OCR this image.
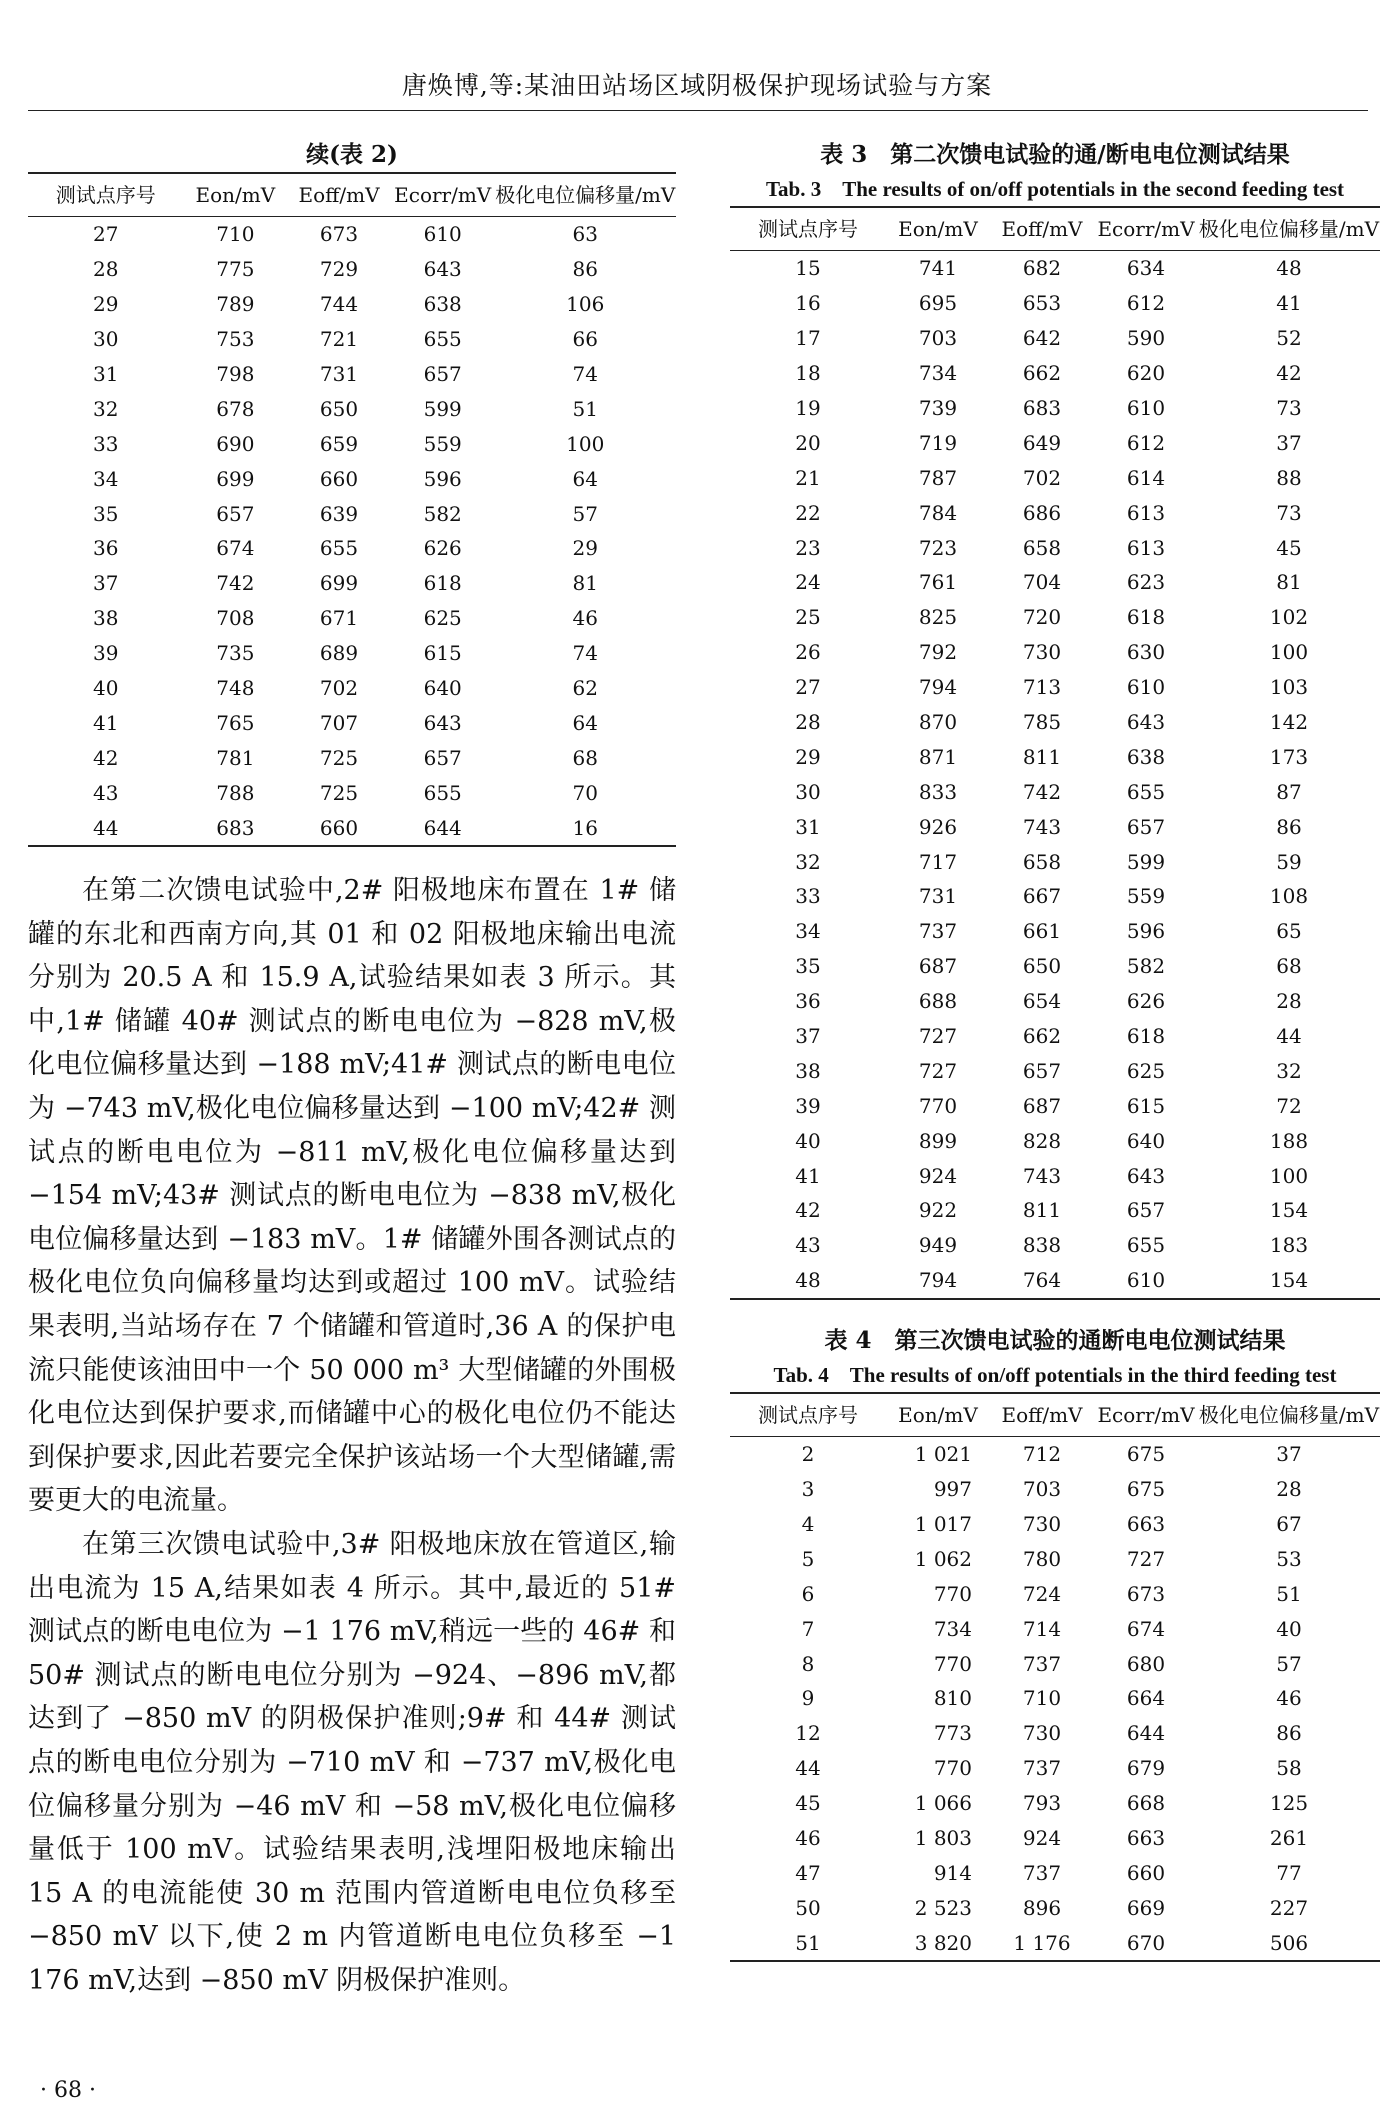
唐焕博,等:某油田站场区域阴极保护现场试验与方案
续(表 2)
测试点序号	Eon/mV	Eoff/mV	Ecorr/mV	极化电位偏移量/mV
27	710	673	610	63
28	775	729	643	86
29	789	744	638	106
30	753	721	655	66
31	798	731	657	74
32	678	650	599	51
33	690	659	559	100
34	699	660	596	64
35	657	639	582	57
36	674	655	626	29
37	742	699	618	81
38	708	671	625	46
39	735	689	615	74
40	748	702	640	62
41	765	707	643	64
42	781	725	657	68
43	788	725	655	70
44	683	660	644	16

在第二次馈电试验中,2# 阳极地床布置在 1# 储罐的东北和西南方向,其 01 和 02 阳极地床输出电流分别为 20.5 A 和 15.9 A,试验结果如表 3 所示。其中,1# 储罐 40# 测试点的断电电位为 −828 mV,极化电位偏移量达到 −188 mV;41# 测试点的断电电位为 −743 mV,极化电位偏移量达到 −100 mV;42# 测试点的断电电位为 −811 mV,极化电位偏移量达到 −154 mV;43# 测试点的断电电位为 −838 mV,极化电位偏移量达到 −183 mV。1# 储罐外围各测试点的极化电位负向偏移量均达到或超过 100 mV。试验结果表明,当站场存在 7 个储罐和管道时,36 A 的保护电流只能使该油田中一个 50 000 m³ 大型储罐的外围极化电位达到保护要求,而储罐中心的极化电位仍不能达到保护要求,因此若要完全保护该站场一个大型储罐,需要更大的电流量。

在第三次馈电试验中,3# 阳极地床放在管道区,输出电流为 15 A,结果如表 4 所示。其中,最近的 51# 测试点的断电电位为 −1 176 mV,稍远一些的 46# 和 50# 测试点的断电电位分别为 −924、−896 mV,都达到了 −850 mV 的阴极保护准则;9# 和 44# 测试点的断电电位分别为 −710 mV 和 −737 mV,极化电位偏移量分别为 −46 mV 和 −58 mV,极化电位偏移量低于 100 mV。试验结果表明,浅埋阳极地床输出 15 A 的电流能使 30 m 范围内管道断电电位负移至 −850 mV 以下,使 2 m 内管道断电电位负移至 −1 176 mV,达到 −850 mV 阴极保护准则。

表 3　第二次馈电试验的通/断电电位测试结果
Tab. 3　The results of on/off potentials in the second feeding test
测试点序号	Eon/mV	Eoff/mV	Ecorr/mV	极化电位偏移量/mV
15	741	682	634	48
16	695	653	612	41
17	703	642	590	52
18	734	662	620	42
19	739	683	610	73
20	719	649	612	37
21	787	702	614	88
22	784	686	613	73
23	723	658	613	45
24	761	704	623	81
25	825	720	618	102
26	792	730	630	100
27	794	713	610	103
28	870	785	643	142
29	871	811	638	173
30	833	742	655	87
31	926	743	657	86
32	717	658	599	59
33	731	667	559	108
34	737	661	596	65
35	687	650	582	68
36	688	654	626	28
37	727	662	618	44
38	727	657	625	32
39	770	687	615	72
40	899	828	640	188
41	924	743	643	100
42	922	811	657	154
43	949	838	655	183
48	794	764	610	154
表 4　第三次馈电试验的通断电电位测试结果
Tab. 4　The results of on/off potentials in the third feeding test
测试点序号	Eon/mV	Eoff/mV	Ecorr/mV	极化电位偏移量/mV
2	1 021	712	675	37
3	997	703	675	28
4	1 017	730	663	67
5	1 062	780	727	53
6	770	724	673	51
7	734	714	674	40
8	770	737	680	57
9	810	710	664	46
12	773	730	644	86
44	770	737	679	58
45	1 066	793	668	125
46	1 803	924	663	261
47	914	737	660	77
50	2 523	896	669	227
51	3 820	1 176	670	506
· 68 ·
